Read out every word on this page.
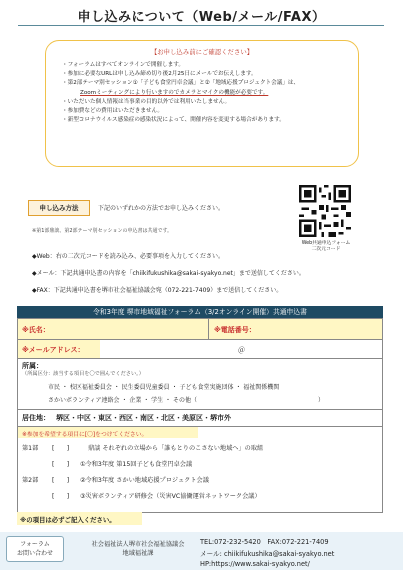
申し込みについて（Web/メール/FAX）
【お申し込み前にご確認ください】
・フォーラムはすべてオンラインで開催します。
・参加に必要なURLは申し込み締め切り後2月25日にメールでお伝えします。
・第2部テーマ別セッション①「子ども食堂円卓会議」と②「地域応援プロジェクト会議」は、
Zoomミーティングにより行いますのでカメラとマイクの機能が必要です。
・いただいた個人情報は当事業の目的以外では利用いたしません。
・参加費などの費用はいただきません。
・新型コロナウイルス感染症の感染状況によって、開催内容を変更する場合があります。
申し込み方法	下記のいずれかの方法でお申し込みください。
※第1部鼎談、第2部テーマ別セッションの申込書は共通です。
Web共通申込フォーム
二次元コード
◆Web：右の二次元コードを読み込み、必要事項を入力してください。
◆メール：下記共通申込書の内容を「chiikifukushika@sakai-syakyo.net」まで送信してください。
◆FAX：下記共通申込書を堺市社会福祉協議会宛（072-221-7409）まで送信してください。
令和3年度 堺市地域福祉フォーラム（3/2オンライン開催）共通申込書
※氏名：	※電話番号：
※メールアドレス：	＠
所属：
（所属区分：該当する項目を〇で囲んでください。）
市民 ・ 校区福祉委員会 ・ 民生委員児童委員 ・ 子ども食堂実施団体 ・ 福祉関係機関
さかいボランティア連絡会 ・ 企業 ・ 学生 ・ その他（	）
居住地： 堺区・中区・東区・西区・南区・北区・美原区・堺市外
※参加を希望する項目に[〇]をつけてください。
第1部 [　　]	鼎談 それぞれの立場から「誰もとりのこさない地域へ」の取組
[　　] ①令和3年度 第15回子ども食堂円卓会議
第2部 [　　] ②令和3年度 さかい地域応援プロジェクト会議
[　　] ③災害ボランティア研修会（災害VC協働運営ネットワーク会議）
※の項目は必ずご記入ください。
フォーラム
お問い合わせ
社会福祉法人堺市社会福祉協議会
地域福祉課
TEL:072-232-5420　FAX:072-221-7409
メール: chiikifukushika@sakai-syakyo.net
HP:https://www.sakai-syakyo.net/
